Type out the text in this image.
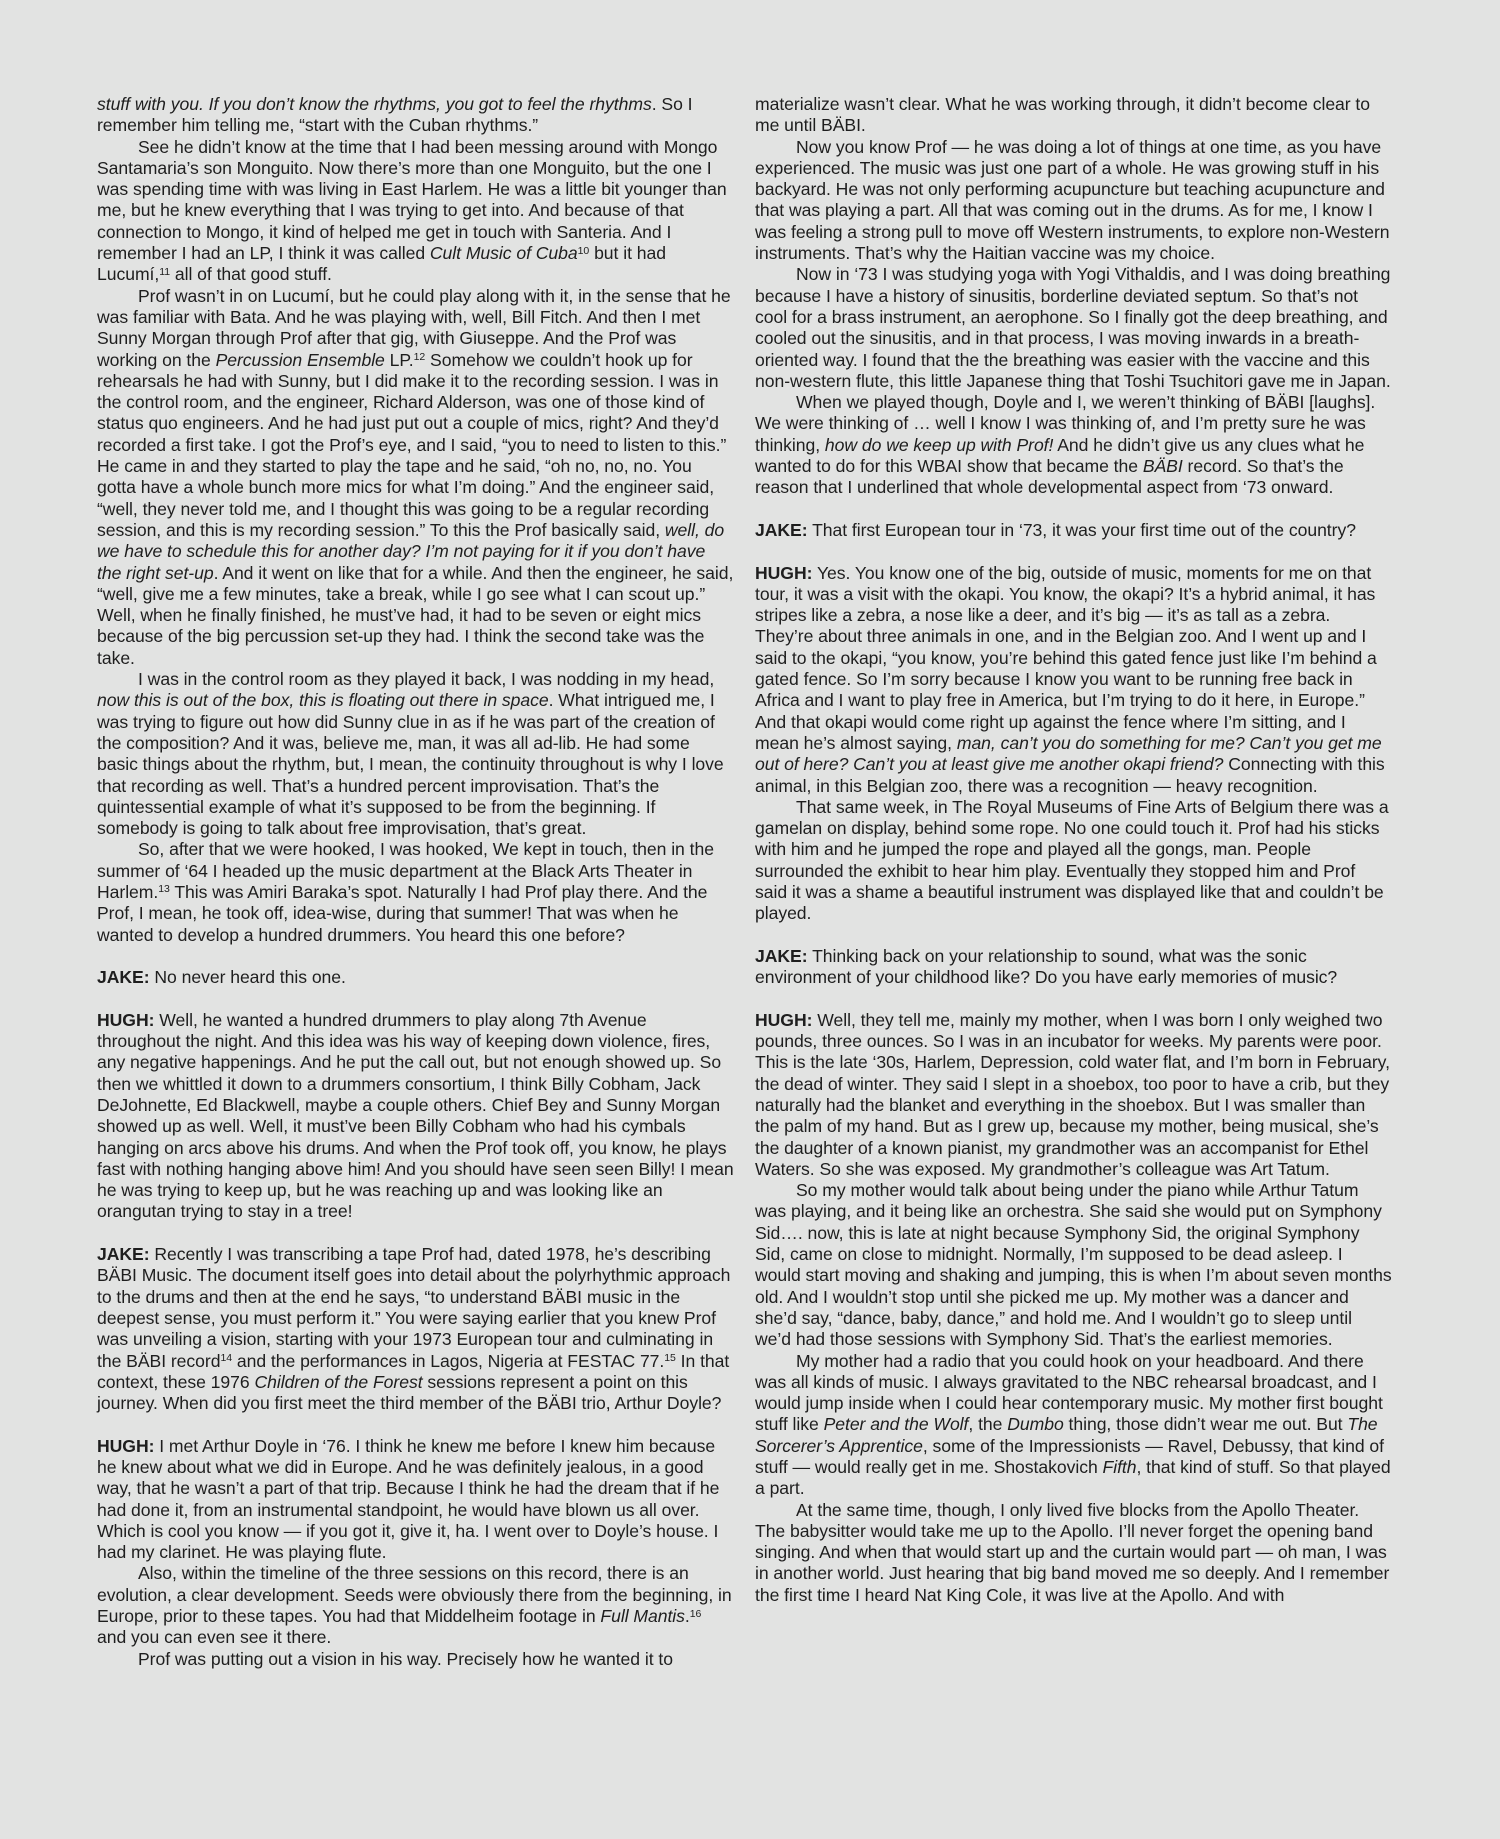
stuff with you. If you don’t know the rhythms, you got to feel the rhythms. So I remember him telling me, “start with the Cuban rhythms.”

See he didn’t know at the time that I had been messing around with Mongo Santamaria’s son Monguito. Now there’s more than one Monguito, but the one I was spending time with was living in East Harlem. He was a little bit younger than me, but he knew everything that I was trying to get into. And because of that connection to Mongo, it kind of helped me get in touch with Santeria. And I remember I had an LP, I think it was called Cult Music of Cuba$^{10}$ but it had Lucumí,$^{11}$ all of that good stuff.

Prof wasn’t in on Lucumí, but he could play along with it, in the sense that he was familiar with Bata. And he was playing with, well, Bill Fitch. And then I met Sunny Morgan through Prof after that gig, with Giuseppe. And the Prof was working on the Percussion Ensemble LP.$^{12}$ Somehow we couldn’t hook up for rehearsals he had with Sunny, but I did make it to the recording session. I was in the control room, and the engineer, Richard Alderson, was one of those kind of status quo engineers. And he had just put out a couple of mics, right? And they’d recorded a first take. I got the Prof’s eye, and I said, “you to need to listen to this.” He came in and they started to play the tape and he said, “oh no, no, no. You gotta have a whole bunch more mics for what I’m doing.” And the engineer said, “well, they never told me, and I thought this was going to be a regular recording session, and this is my recording session.” To this the Prof basically said, well, do we have to schedule this for another day? I’m not paying for it if you don’t have the right set-up. And it went on like that for a while. And then the engineer, he said, “well, give me a few minutes, take a break, while I go see what I can scout up.” Well, when he finally finished, he must’ve had, it had to be seven or eight mics because of the big percussion set-up they had. I think the second take was the take.

I was in the control room as they played it back, I was nodding in my head, now this is out of the box, this is floating out there in space. What intrigued me, I was trying to figure out how did Sunny clue in as if he was part of the creation of the composition? And it was, believe me, man, it was all ad-lib. He had some basic things about the rhythm, but, I mean, the continuity throughout is why I love that recording as well. That’s a hundred percent improvisation. That’s the quintessential example of what it’s supposed to be from the beginning. If somebody is going to talk about free improvisation, that’s great.

So, after that we were hooked, I was hooked, We kept in touch, then in the summer of ‘64 I headed up the music department at the Black Arts Theater in Harlem.$^{13}$ This was Amiri Baraka’s spot. Naturally I had Prof play there. And the Prof, I mean, he took off, idea-wise, during that summer! That was when he wanted to develop a hundred drummers. You heard this one before?

JAKE: No never heard this one.

HUGH: Well, he wanted a hundred drummers to play along 7th Avenue throughout the night. And this idea was his way of keeping down violence, fires, any negative happenings. And he put the call out, but not enough showed up. So then we whittled it down to a drummers consortium, I think Billy Cobham, Jack DeJohnette, Ed Blackwell, maybe a couple others. Chief Bey and Sunny Morgan showed up as well. Well, it must’ve been Billy Cobham who had his cymbals hanging on arcs above his drums. And when the Prof took off, you know, he plays fast with nothing hanging above him! And you should have seen seen Billy! I mean he was trying to keep up, but he was reaching up and was looking like an orangutan trying to stay in a tree!

JAKE: Recently I was transcribing a tape Prof had, dated 1978, he’s describing BÄBI Music. The document itself goes into detail about the polyrhythmic approach to the drums and then at the end he says, “to understand BÄBI music in the deepest sense, you must perform it.” You were saying earlier that you knew Prof was unveiling a vision, starting with your 1973 European tour and culminating in the BÄBI record$^{14}$ and the performances in Lagos, Nigeria at FESTAC 77.15 In that context, these 1976 Children of the Forest sessions represent a point on this journey. When did you first meet the third member of the BÄBI trio, Arthur Doyle?

HUGH: I met Arthur Doyle in ‘76. I think he knew me before I knew him because he knew about what we did in Europe. And he was definitely jealous, in a good way, that he wasn’t a part of that trip. Because I think he had the dream that if he had done it, from an instrumental standpoint, he would have blown us all over. Which is cool you know — if you got it, give it, ha. I went over to Doyle’s house. I had my clarinet. He was playing flute.

Also, within the timeline of the three sessions on this record, there is an evolution, a clear development. Seeds were obviously there from the beginning, in Europe, prior to these tapes. You had that Middelheim footage in Full Mantis.$^{16}$ and you can even see it there.

Prof was putting out a vision in his way. Precisely how he wanted it to

materialize wasn’t clear. What he was working through, it didn’t become clear to me until BÄBI.

Now you know Prof — he was doing a lot of things at one time, as you have experienced. The music was just one part of a whole. He was growing stuff in his backyard. He was not only performing acupuncture but teaching acupuncture and that was playing a part. All that was coming out in the drums. As for me, I know I was feeling a strong pull to move off Western instruments, to explore non-Western instruments. That’s why the Haitian vaccine was my choice.

Now in ‘73 I was studying yoga with Yogi Vithaldis, and I was doing breathing because I have a history of sinusitis, borderline deviated septum. So that’s not cool for a brass instrument, an aerophone. So I finally got the deep breathing, and cooled out the sinusitis, and in that process, I was moving inwards in a breath-oriented way. I found that the the breathing was easier with the vaccine and this non-western flute, this little Japanese thing that Toshi Tsuchitori gave me in Japan.

When we played though, Doyle and I, we weren’t thinking of BÄBI [laughs]. We were thinking of … well I know I was thinking of, and I’m pretty sure he was thinking, how do we keep up with Prof! And he didn’t give us any clues what he wanted to do for this WBAI show that became the BÄBI record. So that’s the reason that I underlined that whole developmental aspect from ‘73 onward.

JAKE: That first European tour in ‘73, it was your first time out of the country?

HUGH: Yes. You know one of the big, outside of music, moments for me on that tour, it was a visit with the okapi. You know, the okapi? It’s a hybrid animal, it has stripes like a zebra, a nose like a deer, and it’s big — it’s as tall as a zebra. They’re about three animals in one, and in the Belgian zoo. And I went up and I said to the okapi, “you know, you’re behind this gated fence just like I’m behind a gated fence. So I’m sorry because I know you want to be running free back in Africa and I want to play free in America, but I’m trying to do it here, in Europe.” And that okapi would come right up against the fence where I’m sitting, and I mean he’s almost saying, man, can’t you do something for me? Can’t you get me out of here? Can’t you at least give me another okapi friend? Connecting with this animal, in this Belgian zoo, there was a recognition — heavy recognition.

That same week, in The Royal Museums of Fine Arts of Belgium there was a gamelan on display, behind some rope. No one could touch it. Prof had his sticks with him and he jumped the rope and played all the gongs, man. People surrounded the exhibit to hear him play. Eventually they stopped him and Prof said it was a shame a beautiful instrument was displayed like that and couldn’t be played.

JAKE: Thinking back on your relationship to sound, what was the sonic environment of your childhood like? Do you have early memories of music?

HUGH: Well, they tell me, mainly my mother, when I was born I only weighed two pounds, three ounces. So I was in an incubator for weeks. My parents were poor. This is the late ‘30s, Harlem, Depression, cold water flat, and I’m born in February, the dead of winter. They said I slept in a shoebox, too poor to have a crib, but they naturally had the blanket and everything in the shoebox. But I was smaller than the palm of my hand. But as I grew up, because my mother, being musical, she’s the daughter of a known pianist, my grandmother was an accompanist for Ethel Waters. So she was exposed. My grandmother’s colleague was Art Tatum.

So my mother would talk about being under the piano while Arthur Tatum was playing, and it being like an orchestra. She said she would put on Symphony Sid…. now, this is late at night because Symphony Sid, the original Symphony Sid, came on close to midnight. Normally, I’m supposed to be dead asleep. I would start moving and shaking and jumping, this is when I’m about seven months old. And I wouldn’t stop until she picked me up. My mother was a dancer and she’d say, “dance, baby, dance,” and hold me. And I wouldn’t go to sleep until we’d had those sessions with Symphony Sid. That’s the earliest memories.

My mother had a radio that you could hook on your headboard. And there was all kinds of music. I always gravitated to the NBC rehearsal broadcast, and I would jump inside when I could hear contemporary music. My mother first bought stuff like Peter and the Wolf, the Dumbo thing, those didn’t wear me out. But The Sorcerer’s Apprentice, some of the Impressionists — Ravel, Debussy, that kind of stuff — would really get in me. Shostakovich Fifth, that kind of stuff. So that played a part.

At the same time, though, I only lived five blocks from the Apollo Theater. The babysitter would take me up to the Apollo. I’ll never forget the opening band singing. And when that would start up and the curtain would part — oh man, I was in another world. Just hearing that big band moved me so deeply. And I remember the first time I heard Nat King Cole, it was live at the Apollo. And with
